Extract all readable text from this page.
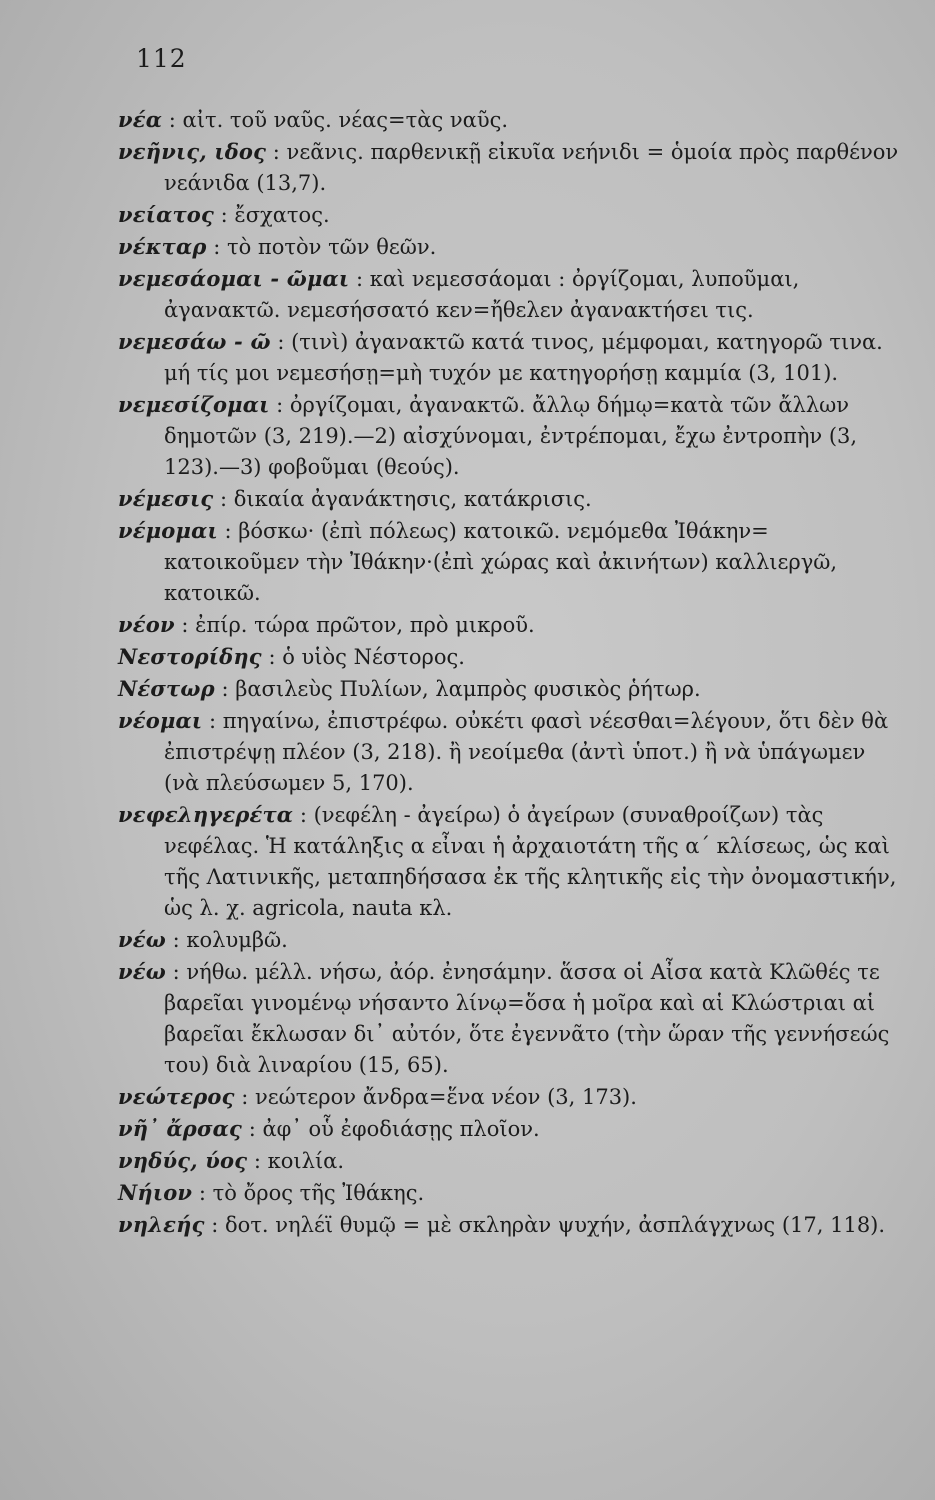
112

νέα : αἰτ. τοῦ ναῦς. νέας=τὰς ναῦς.

νεῆνις, ιδος : νεᾶνις. παρθενικῇ εἰκυῖα νεήνιδι = ὁμοία πρὸς παρθένον νεάνιδα (13,7).

νείατος : ἔσχατος.

νέκταρ : τὸ ποτὸν τῶν θεῶν.

νεμεσάομαι - ῶμαι : καὶ νεμεσσάομαι : ὀργίζομαι, λυποῦμαι, ἀγανακτῶ. νεμεσήσσατό κεν=ἤθελεν ἀγανακτήσει τις.

νεμεσάω - ῶ : (τινὶ) ἀγανακτῶ κατά τινος, μέμφομαι, κατηγορῶ τινα. μή τίς μοι νεμεσήσῃ=μὴ τυχόν με κατηγορήσῃ καμμία (3, 101).

νεμεσίζομαι : ὀργίζομαι, ἀγανακτῶ. ἄλλῳ δήμῳ=κατὰ τῶν ἄλλων δημοτῶν (3, 219).—2) αἰσχύνομαι, ἐντρέπομαι, ἔχω ἐντροπὴν (3, 123).—3) φοβοῦμαι (θεούς).

νέμεσις : δικαία ἀγανάκτησις, κατάκρισις.

νέμομαι : βόσκω· (ἐπὶ πόλεως) κατοικῶ. νεμόμεθα Ἰθάκην= κατοικοῦμεν τὴν Ἰθάκην·(ἐπὶ χώρας καὶ ἀκινήτων) καλλιεργῶ, κατοικῶ.

νέον : ἐπίρ. τώρα πρῶτον, πρὸ μικροῦ.

Νεστορίδης : ὁ υἱὸς Νέστορος.

Νέστωρ : βασιλεὺς Πυλίων, λαμπρὸς φυσικὸς ῥήτωρ.

νέομαι : πηγαίνω, ἐπιστρέφω. οὐκέτι φασὶ νέεσθαι=λέγουν, ὅτι δὲν θὰ ἐπιστρέψῃ πλέον (3, 218). ἢ νεοίμεθα (ἀντὶ ὑποτ.) ἢ νὰ ὑπάγωμεν (νὰ πλεύσωμεν 5, 170).

νεφεληγερέτα : (νεφέλη - ἀγείρω) ὁ ἀγείρων (συναθροίζων) τὰς νεφέλας. Ἡ κατάληξις α εἶναι ἡ ἀρχαιοτάτη τῆς α΄ κλίσεως, ὡς καὶ τῆς Λατινικῆς, μεταπηδήσασα ἐκ τῆς κλητικῆς εἰς τὴν ὀνομαστικήν, ὡς λ. χ. agricola, nauta κλ.

νέω : κολυμβῶ.

νέω : νήθω. μέλλ. νήσω, ἀόρ. ἐνησάμην. ἅσσα οἱ Αἶσα κατὰ Κλῶθές τε βαρεῖαι γινομένῳ νήσαντο λίνῳ=ὅσα ἡ μοῖρα καὶ αἱ Κλώστριαι αἱ βαρεῖαι ἔκλωσαν δι᾽ αὐτόν, ὅτε ἐγεννᾶτο (τὴν ὥραν τῆς γεννήσεώς του) διὰ λιναρίου (15, 65).

νεώτερος : νεώτερον ἄνδρα=ἕνα νέον (3, 173).

νῆ᾽ ἄρσας : ἀφ᾽ οὗ ἐφοδιάσῃς πλοῖον.

νηδύς, ύος : κοιλία.

Νήιον : τὸ ὄρος τῆς Ἰθάκης.

νηλεής : δοτ. νηλέϊ θυμῷ = μὲ σκληρὰν ψυχήν, ἀσπλάγχνως (17, 118).
